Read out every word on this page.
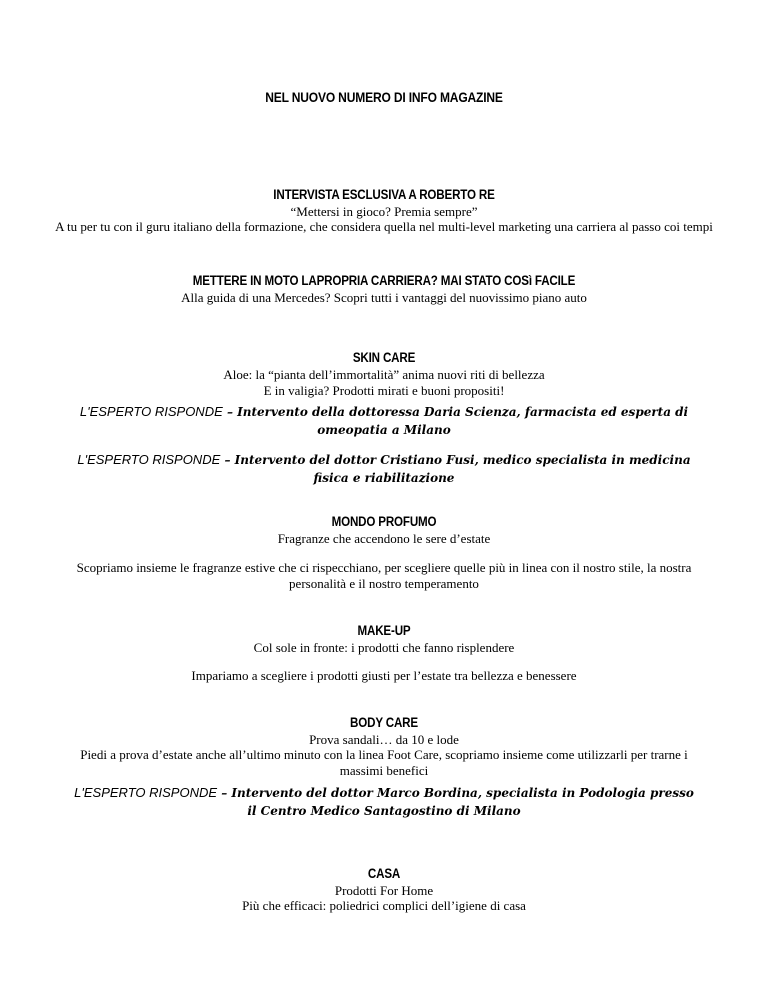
NEL NUOVO NUMERO DI INFO MAGAZINE
INTERVISTA ESCLUSIVA A ROBERTO RE
“Mettersi in gioco? Premia sempre”
A tu per tu con il guru italiano della formazione, che considera quella nel multi-level marketing una carriera al passo coi tempi
METTERE IN MOTO LAPROPRIA CARRIERA? MAI STATO COSì FACILE
Alla guida di una Mercedes? Scopri tutti i vantaggi del nuovissimo piano auto
SKIN CARE
Aloe: la “pianta dell’immortalità” anima nuovi riti di bellezza
E in valigia? Prodotti mirati e buoni propositi!
L'ESPERTO RISPONDE – Intervento della dottoressa Daria Scienza, farmacista ed esperta di omeopatia a Milano
L'ESPERTO RISPONDE – Intervento del dottor Cristiano Fusi, medico specialista in medicina fisica e riabilitazione
MONDO PROFUMO
Fragranze che accendono le sere d’estate
Scopriamo insieme le fragranze estive che ci rispecchiano, per scegliere quelle più in linea con il nostro stile, la nostra personalità e il nostro temperamento
MAKE-UP
Col sole in fronte: i prodotti che fanno risplendere
Impariamo a scegliere i prodotti giusti per l’estate tra bellezza e benessere
BODY CARE
Prova sandali… da 10 e lode
Piedi a prova d’estate anche all’ultimo minuto con la linea Foot Care, scopriamo insieme come utilizzarli per trarne i massimi benefici
L'ESPERTO RISPONDE – Intervento del dottor Marco Bordina, specialista in Podologia presso il Centro Medico Santagostino di Milano
CASA
Prodotti For Home
Più che efficaci: poliedrici complici dell’igiene di casa
